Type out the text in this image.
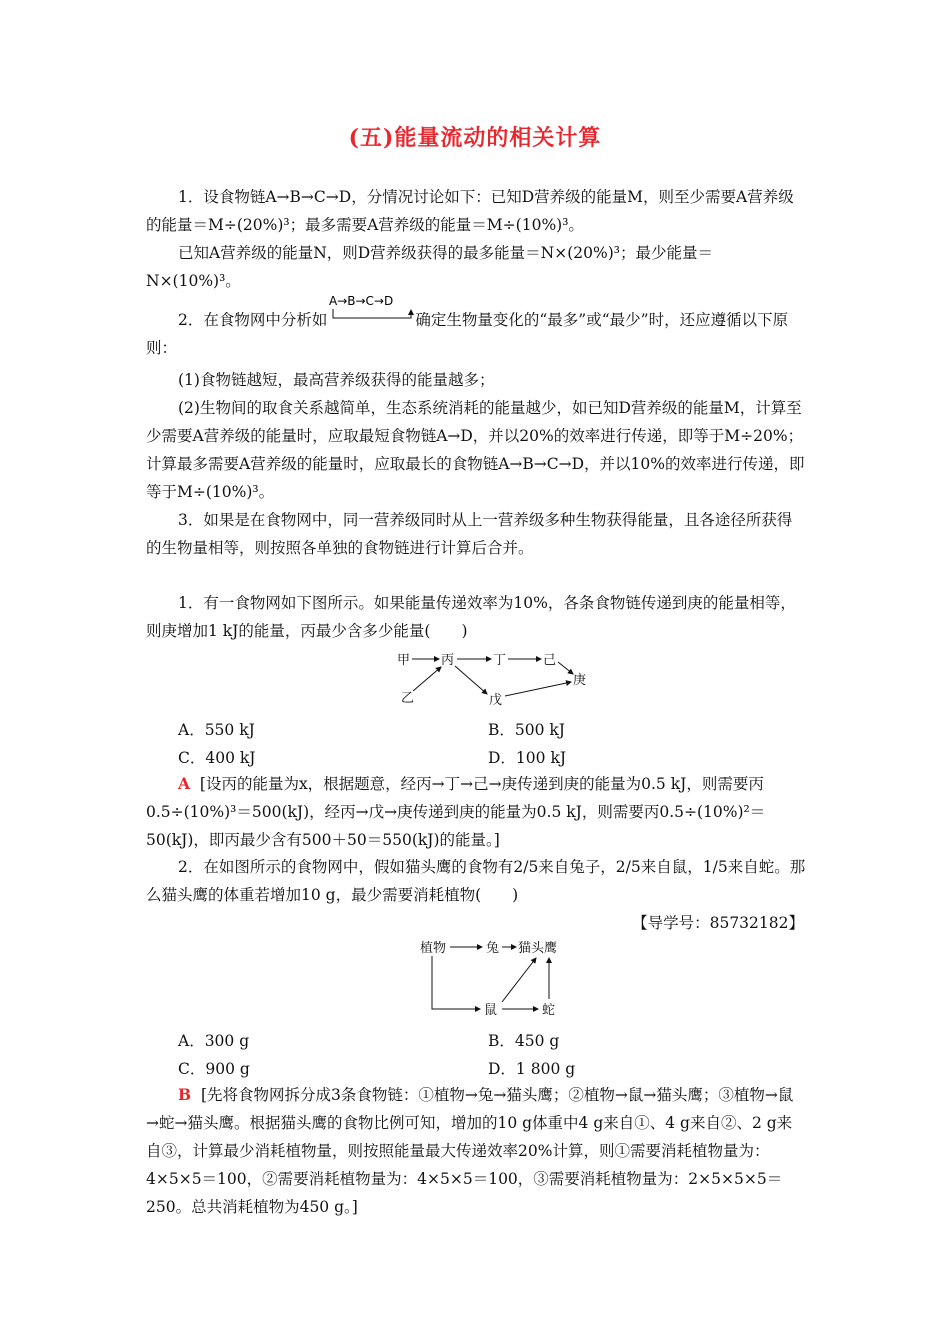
(五)能量流动的相关计算
1．设食物链A→B→C→D，分情况讨论如下：已知D营养级的能量M，则至少需要A营养级的能量＝M÷(20%)³；最多需要A营养级的能量＝M÷(10%)³。
已知A营养级的能量N，则D营养级获得的最多能量＝N×(20%)³；最少能量＝N×(10%)³。
2．在食物网中分析如
A→B→C→D
确定生物量变化的“最多”或“最少”时，还应遵循以下原则：
(1)食物链越短，最高营养级获得的能量越多；
(2)生物间的取食关系越简单，生态系统消耗的能量越少，如已知D营养级的能量M，计算至少需要A营养级的能量时，应取最短食物链A→D，并以20%的效率进行传递，即等于M÷20%；计算最多需要A营养级的能量时，应取最长的食物链A→B→C→D，并以10%的效率进行传递，即等于M÷(10%)³。
3．如果是在食物网中，同一营养级同时从上一营养级多种生物获得能量，且各途径所获得的生物量相等，则按照各单独的食物链进行计算后合并。
1．有一食物网如下图所示。如果能量传递效率为10%，各条食物链传递到庚的能量相等，则庚增加1 kJ的能量，丙最少含多少能量(　　)
甲 丙	丁	己
庚
乙	戊
A．550 kJ	B．500 kJ
C．400 kJ	D．100 kJ
A [设丙的能量为x，根据题意，经丙→丁→己→庚传递到庚的能量为0.5 kJ，则需要丙0.5÷(10%)³＝500(kJ)，经丙→戊→庚传递到庚的能量为0.5 kJ，则需要丙0.5÷(10%)²＝50(kJ)，即丙最少含有500＋50＝550(kJ)的能量。]
2．在如图所示的食物网中，假如猫头鹰的食物有2/5来自兔子，2/5来自鼠，1/5来自蛇。那么猫头鹰的体重若增加10 g，最少需要消耗植物(　　)
【导学号：85732182】
植物	兔 猫头鹰
鼠	蛇
A．300 g	B．450 g
C．900 g	D．1 800 g
B [先将食物网拆分成3条食物链：①植物→兔→猫头鹰；②植物→鼠→猫头鹰；③植物→鼠→蛇→猫头鹰。根据猫头鹰的食物比例可知，增加的10 g体重中4 g来自①、4 g来自②、2 g来自③，计算最少消耗植物量，则按照能量最大传递效率20%计算，则①需要消耗植物量为：4×5×5＝100，②需要消耗植物量为：4×5×5＝100，③需要消耗植物量为：2×5×5×5＝250。总共消耗植物为450 g。]
